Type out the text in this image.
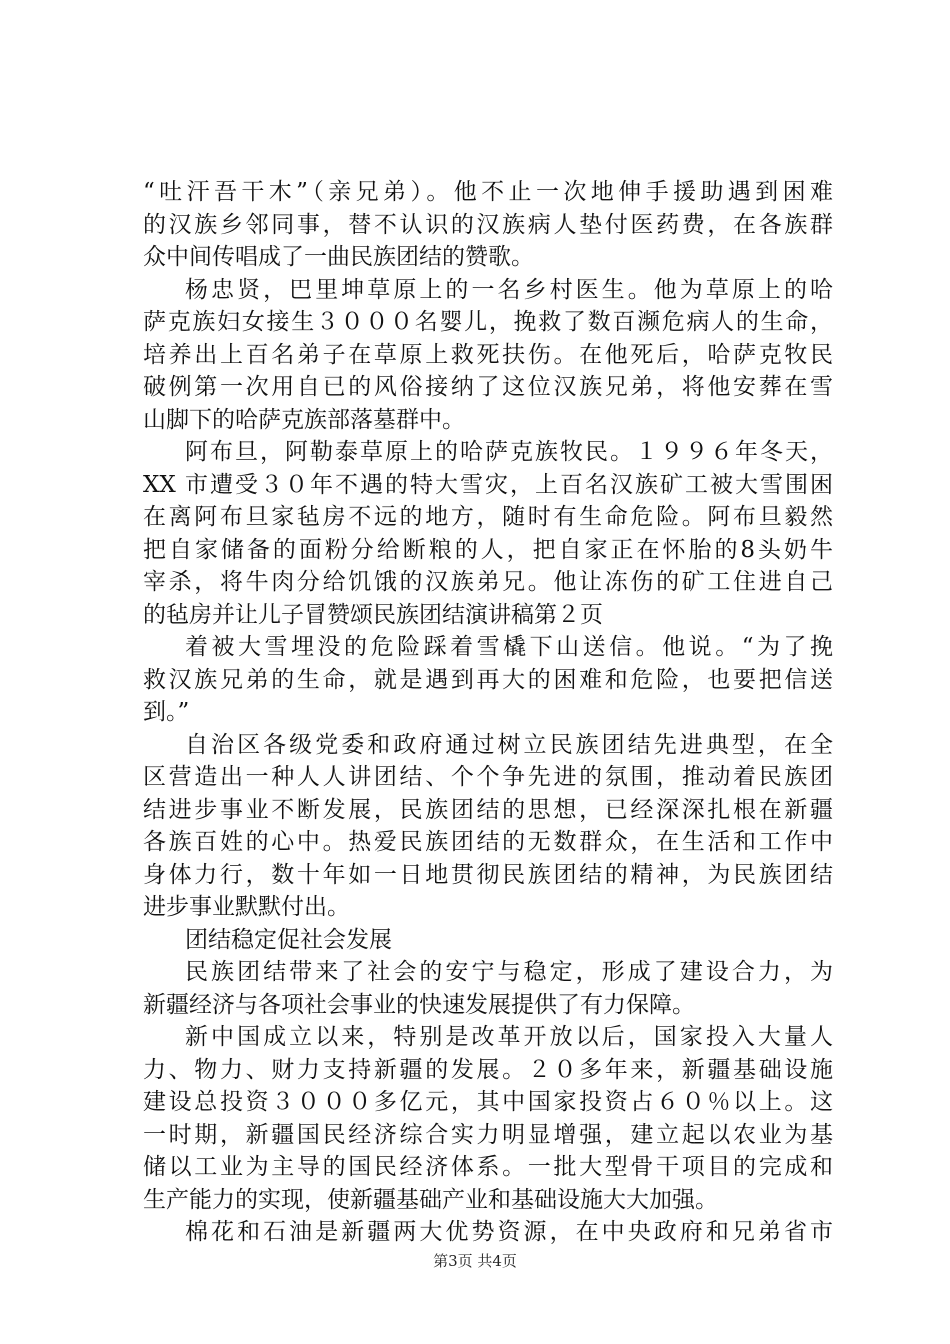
“吐汗吾干木”（亲兄弟）。他不止一次地伸手援助遇到困难
的汉族乡邻同事，替不认识的汉族病人垫付医药费，在各族群
众中间传唱成了一曲民族团结的赞歌。
杨忠贤，巴里坤草原上的一名乡村医生。他为草原上的哈
萨克族妇女接生３０００名婴儿，挽救了数百濒危病人的生命，
培养出上百名弟子在草原上救死扶伤。在他死后，哈萨克牧民
破例第一次用自已的风俗接纳了这位汉族兄弟，将他安葬在雪
山脚下的哈萨克族部落墓群中。
阿布旦，阿勒泰草原上的哈萨克族牧民。１９９６年冬天，
XX 市遭受３０年不遇的特大雪灾，上百名汉族矿工被大雪围困
在离阿布旦家毡房不远的地方，随时有生命危险。阿布旦毅然
把自家储备的面粉分给断粮的人，把自家正在怀胎的8头奶牛
宰杀，将牛肉分给饥饿的汉族弟兄。他让冻伤的矿工住进自己
的毡房并让儿子冒赞颂民族团结演讲稿第２页
着被大雪埋没的危险踩着雪橇下山送信。他说。“为了挽
救汉族兄弟的生命，就是遇到再大的困难和危险，也要把信送
到。”
自治区各级党委和政府通过树立民族团结先进典型，在全
区营造出一种人人讲团结、个个争先进的氛围，推动着民族团
结进步事业不断发展，民族团结的思想，已经深深扎根在新疆
各族百姓的心中。热爱民族团结的无数群众，在生活和工作中
身体力行，数十年如一日地贯彻民族团结的精神，为民族团结
进步事业默默付出。
团结稳定促社会发展
民族团结带来了社会的安宁与稳定，形成了建设合力，为
新疆经济与各项社会事业的快速发展提供了有力保障。
新中国成立以来，特别是改革开放以后，国家投入大量人
力、物力、财力支持新疆的发展。２０多年来，新疆基础设施
建设总投资３０００多亿元，其中国家投资占６０％以上。这
一时期，新疆国民经济综合实力明显增强，建立起以农业为基
储以工业为主导的国民经济体系。一批大型骨干项目的完成和
生产能力的实现，使新疆基础产业和基础设施大大加强。
棉花和石油是新疆两大优势资源，在中央政府和兄弟省市
第3页 共4页
